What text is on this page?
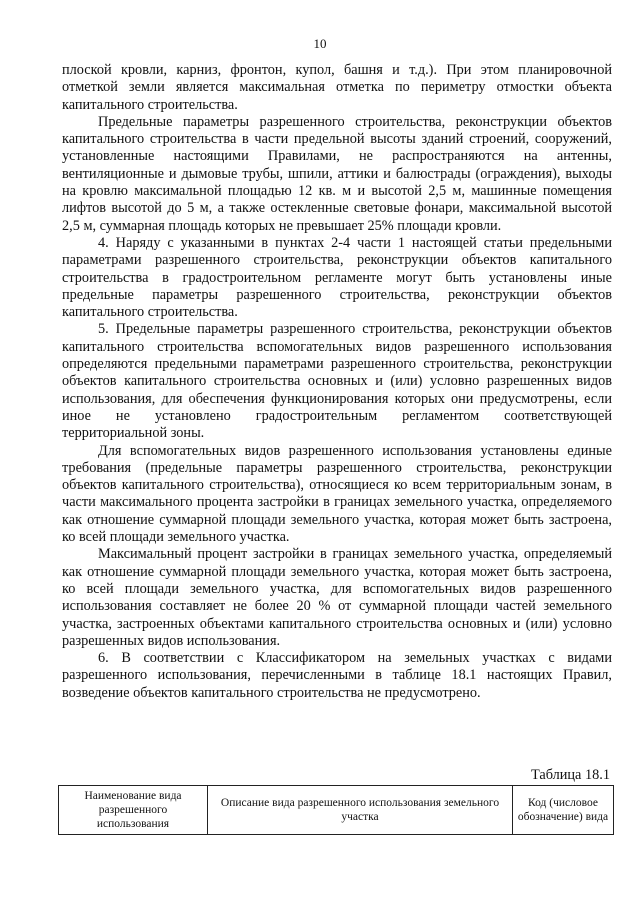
10

плоской кровли, карниз, фронтон, купол, башня и т.д.). При этом планировочной отметкой земли является максимальная отметка по периметру отмостки объекта капитального строительства.

Предельные параметры разрешенного строительства, реконструкции объектов капитального строительства в части предельной высоты зданий строений, сооружений, установленные настоящими Правилами, не распространяются на антенны, вентиляционные и дымовые трубы, шпили, аттики и балюстрады (ограждения), выходы на кровлю максимальной площадью 12 кв. м и высотой 2,5 м, машинные помещения лифтов высотой до 5 м, а также остекленные световые фонари, максимальной высотой 2,5 м, суммарная площадь которых не превышает 25% площади кровли.

4. Наряду с указанными в пунктах 2-4 части 1 настоящей статьи предельными параметрами разрешенного строительства, реконструкции объектов капитального строительства в градостроительном регламенте могут быть установлены иные предельные параметры разрешенного строительства, реконструкции объектов капитального строительства.

5. Предельные параметры разрешенного строительства, реконструкции объектов капитального строительства вспомогательных видов разрешенного использования определяются предельными параметрами разрешенного строительства, реконструкции объектов капитального строительства основных и (или) условно разрешенных видов использования, для обеспечения функционирования которых они предусмотрены, если иное не установлено градостроительным регламентом соответствующей территориальной зоны.

Для вспомогательных видов разрешенного использования установлены единые требования (предельные параметры разрешенного строительства, реконструкции объектов капитального строительства), относящиеся ко всем территориальным зонам, в части максимального процента застройки в границах земельного участка, определяемого как отношение суммарной площади земельного участка, которая может быть застроена, ко всей площади земельного участка.

Максимальный процент застройки в границах земельного участка, определяемый как отношение суммарной площади земельного участка, которая может быть застроена, ко всей площади земельного участка, для вспомогательных видов разрешенного использования составляет не более 20 % от суммарной площади частей земельного участка, застроенных объектами капитального строительства основных и (или) условно разрешенных видов использования.

6. В соответствии с Классификатором на земельных участках с видами разрешенного использования, перечисленными в таблице 18.1 настоящих Правил, возведение объектов капитального строительства не предусмотрено.

Таблица 18.1
Наименование вида разрешенного использования	Описание вида разрешенного использования земельного участка	Код (числовое обозначение) вида
